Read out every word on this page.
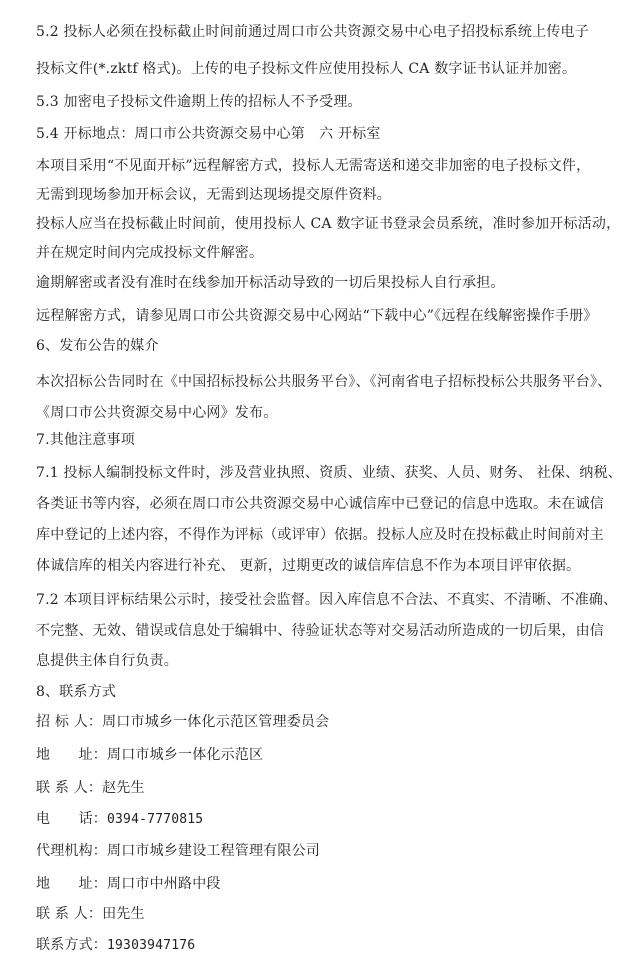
5.2 投标人必须在投标截止时间前通过周口市公共资源交易中心电子招投标系统上传电子
投标文件(*.zktf 格式)。上传的电子投标文件应使用投标人 CA 数字证书认证并加密。
5.3 加密电子投标文件逾期上传的招标人不予受理。
5.4 开标地点：周口市公共资源交易中心第　六 开标室
本项目采用“不见面开标”远程解密方式，投标人无需寄送和递交非加密的电子投标文件，
无需到现场参加开标会议，无需到达现场提交原件资料。
投标人应当在投标截止时间前，使用投标人 CA 数字证书登录会员系统，准时参加开标活动，
并在规定时间内完成投标文件解密。
逾期解密或者没有准时在线参加开标活动导致的一切后果投标人自行承担。
远程解密方式，请参见周口市公共资源交易中心网站“下载中心”《远程在线解密操作手册》
6、发布公告的媒介
本次招标公告同时在《中国招标投标公共服务平台》、《河南省电子招标投标公共服务平台》、
《周口市公共资源交易中心网》发布。
7.其他注意事项
7.1 投标人编制投标文件时，涉及营业执照、资质、业绩、获奖、人员、财务、 社保、纳税、
各类证书等内容，必须在周口市公共资源交易中心诚信库中已登记的信息中选取。未在诚信
库中登记的上述内容，不得作为评标（或评审）依据。投标人应及时在投标截止时间前对主
体诚信库的相关内容进行补充、 更新，过期更改的诚信库信息不作为本项目评审依据。
7.2 本项目评标结果公示时，接受社会监督。因入库信息不合法、不真实、不清晰、不准确、
不完整、无效、错误或信息处于编辑中、待验证状态等对交易活动所造成的一切后果，由信
息提供主体自行负责。
8、联系方式
招 标 人：周口市城乡一体化示范区管理委员会
地　　址：周口市城乡一体化示范区
联 系 人：赵先生
电　　话：0394-7770815
代理机构：周口市城乡建设工程管理有限公司
地　　址：周口市中州路中段
联 系 人：田先生
联系方式：19303947176
